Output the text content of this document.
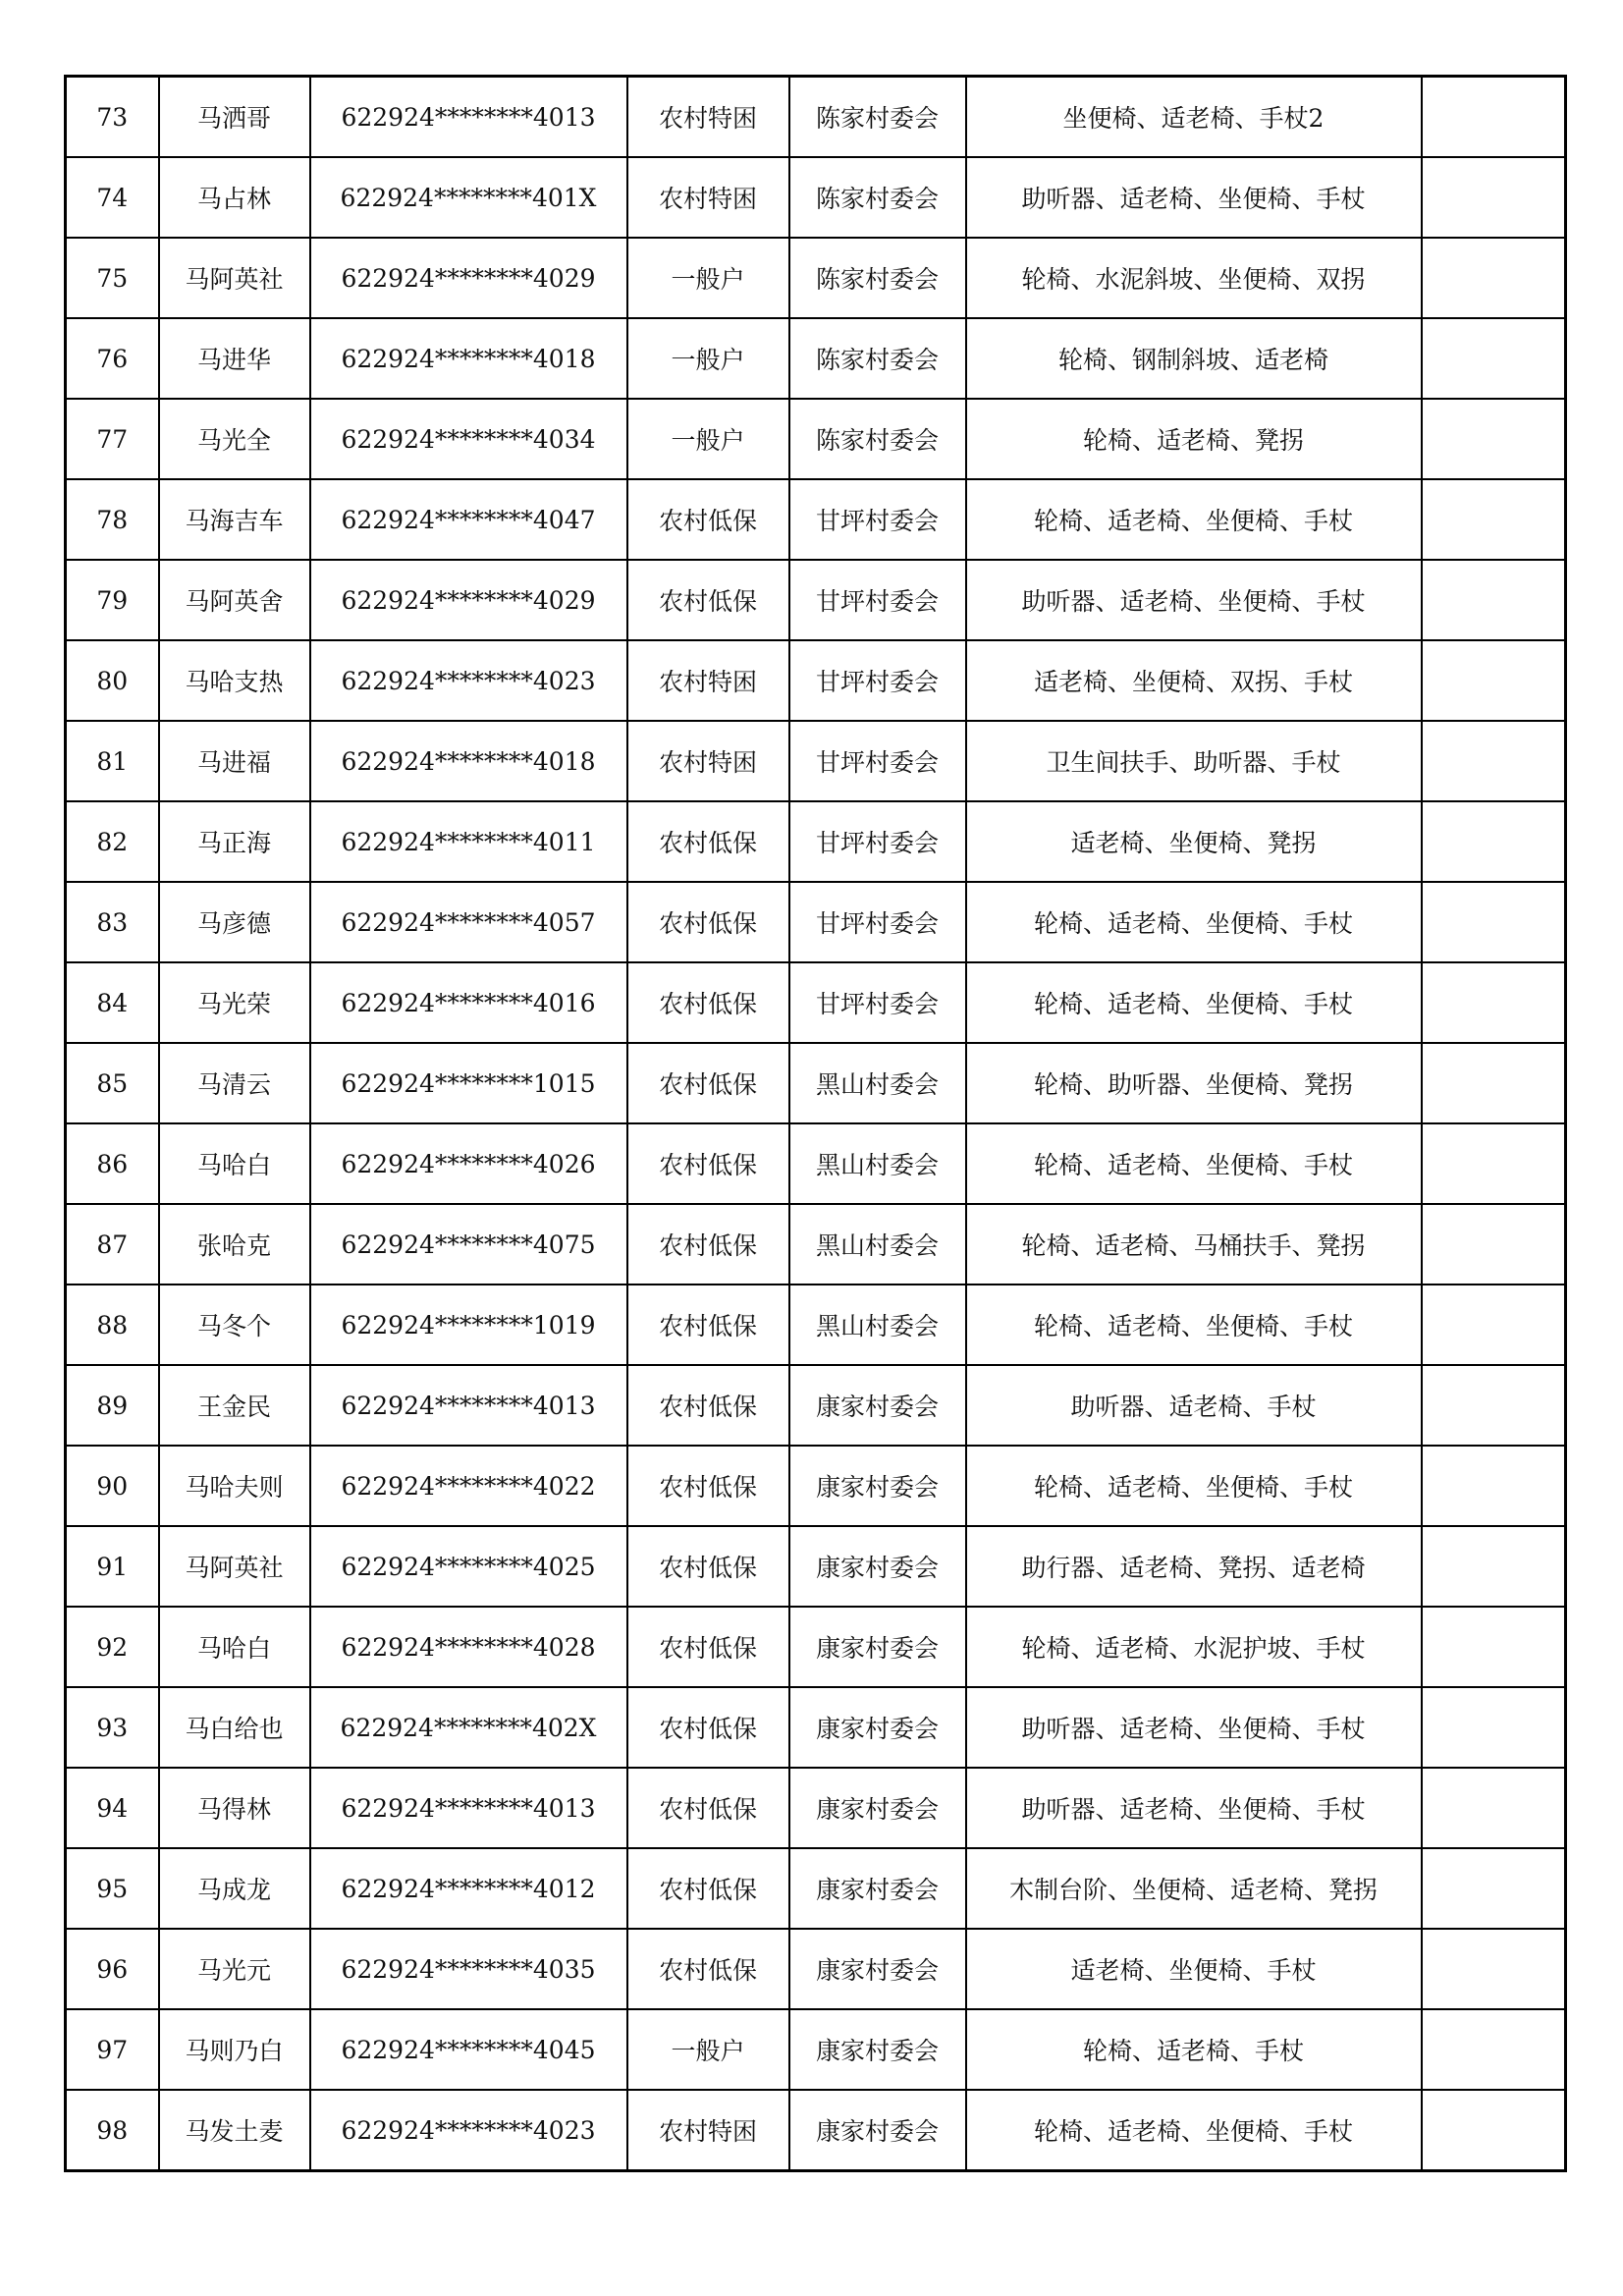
73	马洒哥	622924********4013	农村特困	陈家村委会	坐便椅、适老椅、手杖2	
74	马占林	622924********401X	农村特困	陈家村委会	助听器、适老椅、坐便椅、手杖	
75	马阿英社	622924********4029	一般户	陈家村委会	轮椅、水泥斜坡、坐便椅、双拐	
76	马进华	622924********4018	一般户	陈家村委会	轮椅、钢制斜坡、适老椅	
77	马光全	622924********4034	一般户	陈家村委会	轮椅、适老椅、凳拐	
78	马海吉车	622924********4047	农村低保	甘坪村委会	轮椅、适老椅、坐便椅、手杖	
79	马阿英舍	622924********4029	农村低保	甘坪村委会	助听器、适老椅、坐便椅、手杖	
80	马哈支热	622924********4023	农村特困	甘坪村委会	适老椅、坐便椅、双拐、手杖	
81	马进福	622924********4018	农村特困	甘坪村委会	卫生间扶手、助听器、手杖	
82	马正海	622924********4011	农村低保	甘坪村委会	适老椅、坐便椅、凳拐	
83	马彦德	622924********4057	农村低保	甘坪村委会	轮椅、适老椅、坐便椅、手杖	
84	马光荣	622924********4016	农村低保	甘坪村委会	轮椅、适老椅、坐便椅、手杖	
85	马清云	622924********1015	农村低保	黑山村委会	轮椅、助听器、坐便椅、凳拐	
86	马哈白	622924********4026	农村低保	黑山村委会	轮椅、适老椅、坐便椅、手杖	
87	张哈克	622924********4075	农村低保	黑山村委会	轮椅、适老椅、马桶扶手、凳拐	
88	马冬个	622924********1019	农村低保	黑山村委会	轮椅、适老椅、坐便椅、手杖	
89	王金民	622924********4013	农村低保	康家村委会	助听器、适老椅、手杖	
90	马哈夫则	622924********4022	农村低保	康家村委会	轮椅、适老椅、坐便椅、手杖	
91	马阿英社	622924********4025	农村低保	康家村委会	助行器、适老椅、凳拐、适老椅	
92	马哈白	622924********4028	农村低保	康家村委会	轮椅、适老椅、水泥护坡、手杖	
93	马白给也	622924********402X	农村低保	康家村委会	助听器、适老椅、坐便椅、手杖	
94	马得林	622924********4013	农村低保	康家村委会	助听器、适老椅、坐便椅、手杖	
95	马成龙	622924********4012	农村低保	康家村委会	木制台阶、坐便椅、适老椅、凳拐	
96	马光元	622924********4035	农村低保	康家村委会	适老椅、坐便椅、手杖	
97	马则乃白	622924********4045	一般户	康家村委会	轮椅、适老椅、手杖	
98	马发土麦	622924********4023	农村特困	康家村委会	轮椅、适老椅、坐便椅、手杖	
